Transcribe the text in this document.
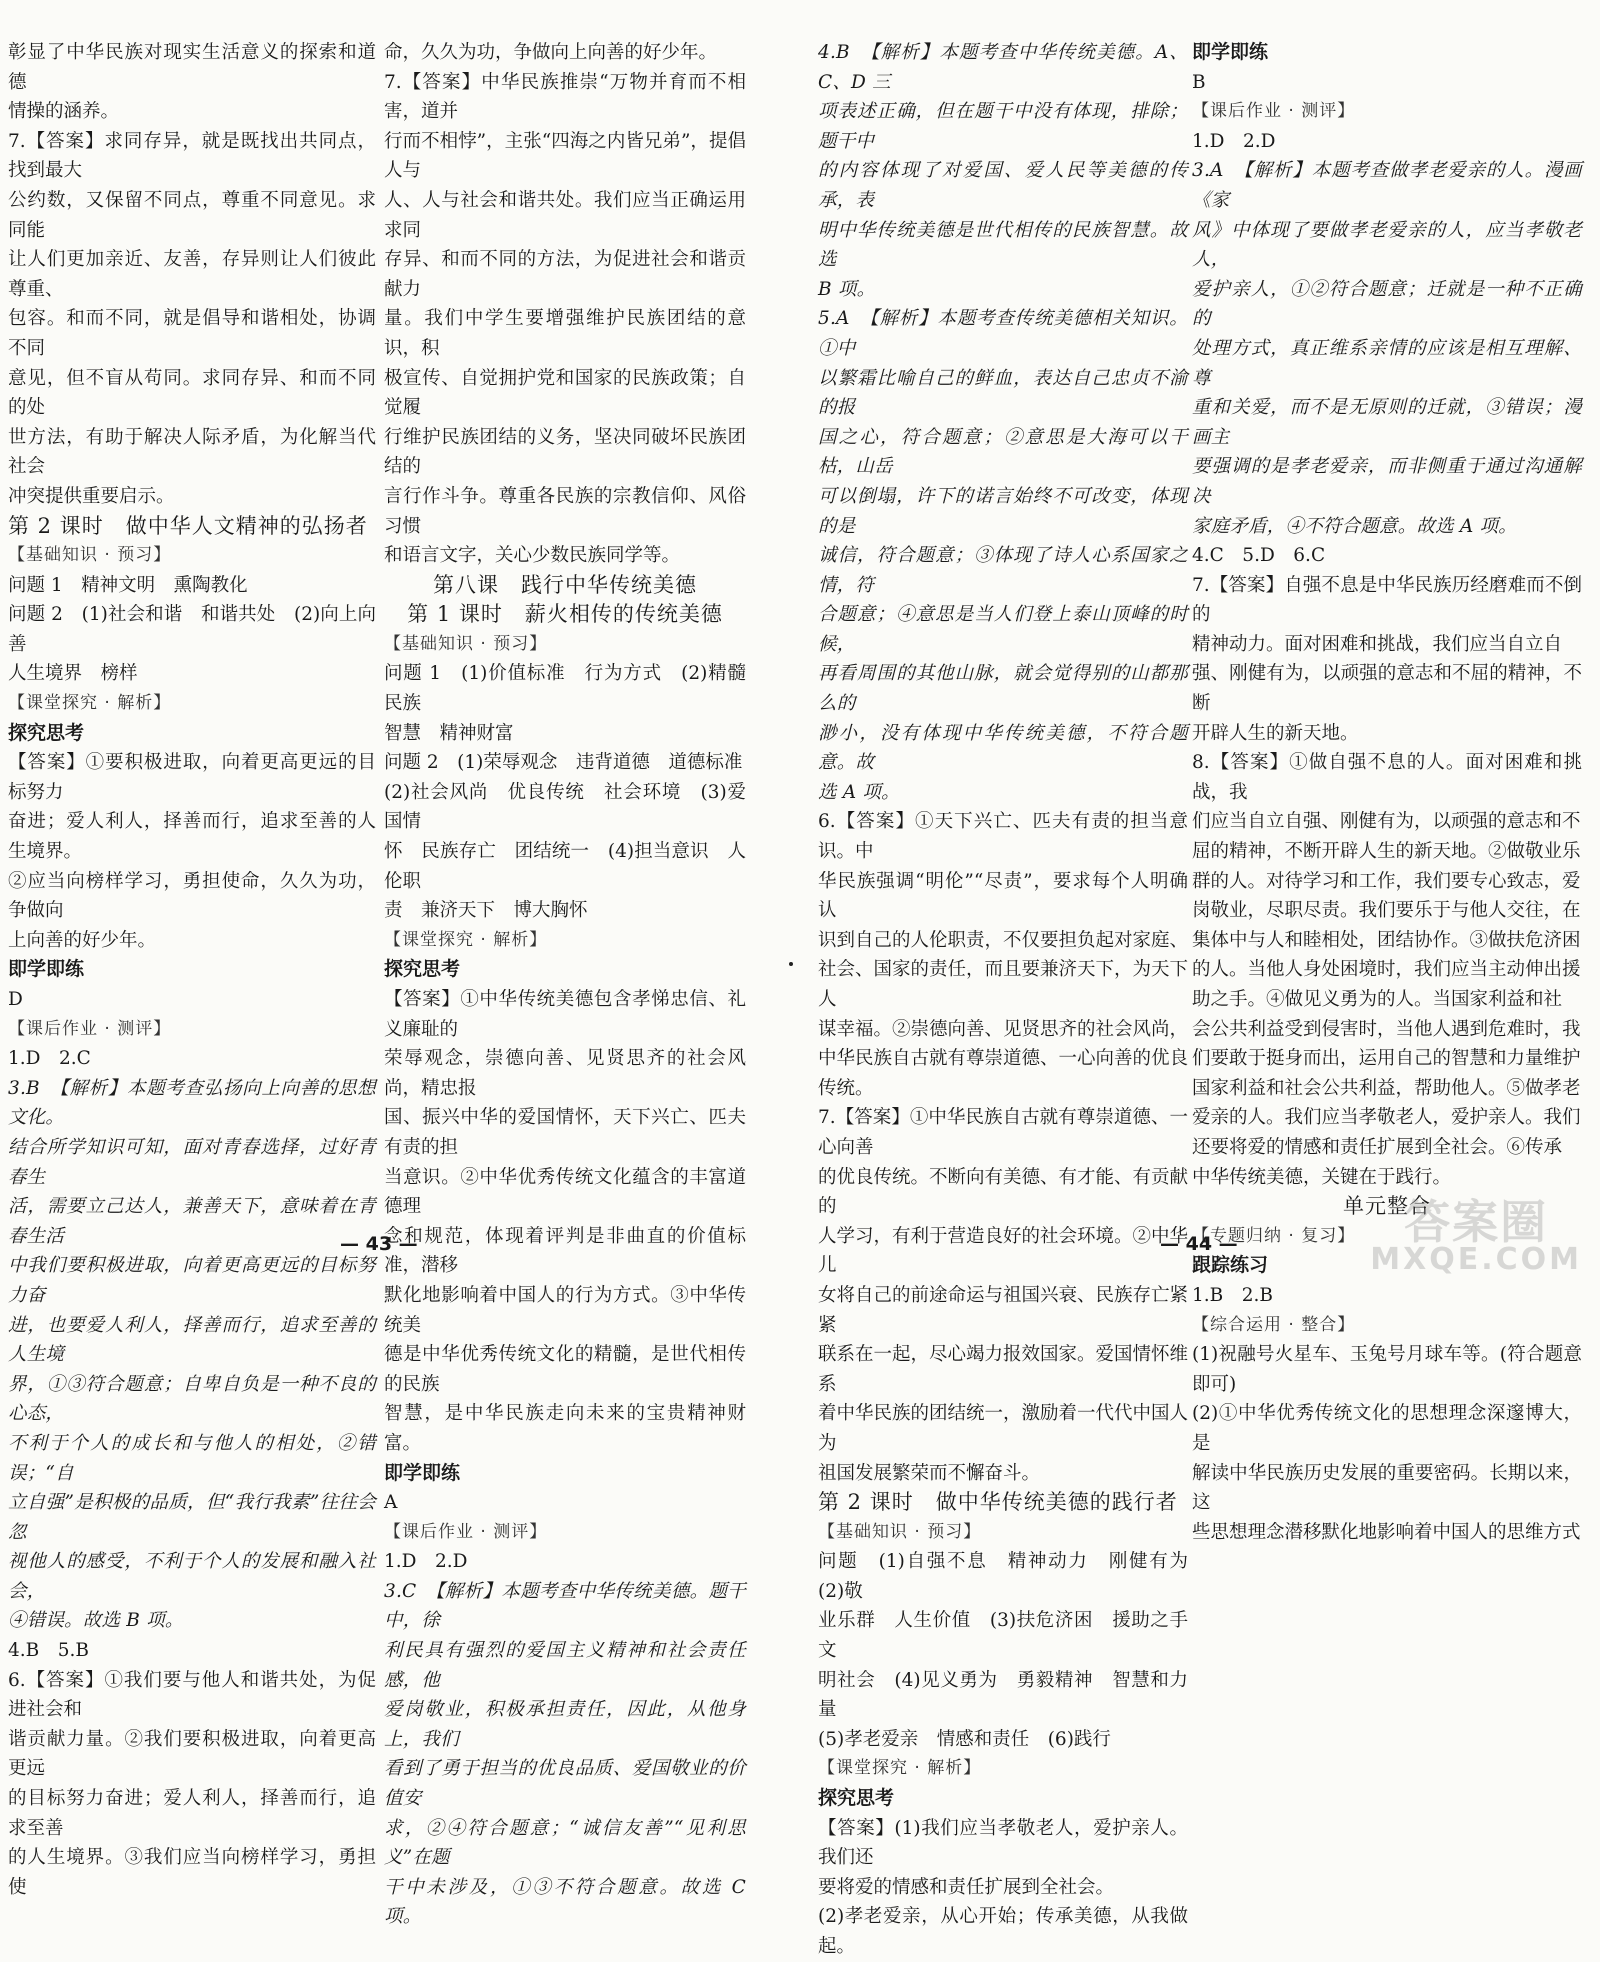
彰显了中华民族对现实生活意义的探索和道德
情操的涵养。

7.【答案】求同存异，就是既找出共同点，找到最大
公约数，又保留不同点，尊重不同意见。求同能
让人们更加亲近、友善，存异则让人们彼此尊重、
包容。和而不同，就是倡导和谐相处，协调不同
意见，但不盲从苟同。求同存异、和而不同的处
世方法，有助于解决人际矛盾，为化解当代社会
冲突提供重要启示。

第 2 课时　做中华人文精神的弘扬者

【 基础知识 · 预习 】

问题 1　精神文明　熏陶教化

问题 2　(1)社会和谐　和谐共处　(2)向上向善
人生境界　榜样

【 课堂探究 · 解析 】

探究思考

【答案】①要积极进取，向着更高更远的目标努力
奋进；爱人利人，择善而行，追求至善的人生境界。
②应当向榜样学习，勇担使命，久久为功，争做向
上向善的好少年。

即学即练

D

【 课后作业 · 测评 】

1.D　2.C

3.B　【解析】本题考查弘扬向上向善的思想文化。
结合所学知识可知，面对青春选择，过好青春生
活，需要立己达人，兼善天下，意味着在青春生活
中我们要积极进取，向着更高更远的目标努力奋
进，也要爱人利人，择善而行，追求至善的人生境
界，①③符合题意；自卑自负是一种不良的心态，
不利于个人的成长和与他人的相处，②错误；“自
立自强”是积极的品质，但“我行我素”往往会忽
视他人的感受，不利于个人的发展和融入社会，
④错误。故选 B 项。

4.B　5.B

6.【答案】①我们要与他人和谐共处，为促进社会和
谐贡献力量。②我们要积极进取，向着更高更远
的目标努力奋进；爱人利人，择善而行，追求至善
的人生境界。③我们应当向榜样学习，勇担使

命，久久为功，争做向上向善的好少年。

7.【答案】中华民族推崇“万物并育而不相害，道并
行而不相悖”，主张“四海之内皆兄弟”，提倡人与
人、人与社会和谐共处。我们应当正确运用求同
存异、和而不同的方法，为促进社会和谐贡献力
量。我们中学生要增强维护民族团结的意识，积
极宣传、自觉拥护党和国家的民族政策；自觉履
行维护民族团结的义务，坚决同破坏民族团结的
言行作斗争。尊重各民族的宗教信仰、风俗习惯
和语言文字，关心少数民族同学等。

第八课　践行中华传统美德

第 1 课时　薪火相传的传统美德

【 基础知识 · 预习 】

问题 1　(1)价值标准　行为方式　(2)精髓　民族
智慧　精神财富

问题 2　(1)荣辱观念　违背道德　道德标准
(2)社会风尚　优良传统　社会环境　(3)爱国情
怀　民族存亡　团结统一　(4)担当意识　人伦职
责　兼济天下　博大胸怀

【 课堂探究 · 解析 】

探究思考

【答案】①中华传统美德包含孝悌忠信、礼义廉耻的
荣辱观念，崇德向善、见贤思齐的社会风尚，精忠报
国、振兴中华的爱国情怀，天下兴亡、匹夫有责的担
当意识。②中华优秀传统文化蕴含的丰富道德理
念和规范，体现着评判是非曲直的价值标准，潜移
默化地影响着中国人的行为方式。③中华传统美
德是中华优秀传统文化的精髓，是世代相传的民族
智慧，是中华民族走向未来的宝贵精神财富。

即学即练

A

【 课后作业 · 测评 】

1.D　2.D

3.C　【解析】本题考查中华传统美德。题干中，徐
利民具有强烈的爱国主义精神和社会责任感，他
爱岗敬业，积极承担责任，因此，从他身上，我们
看到了勇于担当的优良品质、爱国敬业的价值安
求，②④符合题意；“诚信友善”“见利思义”在题
干中未涉及，①③不符合题意。故选 C 项。

— 43 —

4.B　【解析】本题考查中华传统美德。A、C、D 三
项表述正确，但在题干中没有体现，排除；题干中
的内容体现了对爱国、爱人民等美德的传承，表
明中华传统美德是世代相传的民族智慧。故选
B 项。

5.A　【解析】本题考查传统美德相关知识。①中
以繁霜比喻自己的鲜血，表达自己忠贞不渝的报
国之心，符合题意；②意思是大海可以干枯，山岳
可以倒塌，许下的诺言始终不可改变，体现的是
诚信，符合题意；③体现了诗人心系国家之情，符
合题意；④意思是当人们登上泰山顶峰的时候，
再看周围的其他山脉，就会觉得别的山都那么的
渺小，没有体现中华传统美德，不符合题意。故
选 A 项。

6.【答案】①天下兴亡、匹夫有责的担当意识。中
华民族强调“明伦”“尽责”，要求每个人明确认
识到自己的人伦职责，不仅要担负起对家庭、
社会、国家的责任，而且要兼济天下，为天下人
谋幸福。②崇德向善、见贤思齐的社会风尚，
中华民族自古就有尊崇道德、一心向善的优良
传统。

7.【答案】①中华民族自古就有尊崇道德、一心向善
的优良传统。不断向有美德、有才能、有贡献的
人学习，有利于营造良好的社会环境。②中华儿
女将自己的前途命运与祖国兴衰、民族存亡紧紧
联系在一起，尽心竭力报效国家。爱国情怀维系
着中华民族的团结统一，激励着一代代中国人为
祖国发展繁荣而不懈奋斗。

第 2 课时　做中华传统美德的践行者

【 基础知识 · 预习 】

问题　(1)自强不息　精神动力　刚健有为　(2)敬
业乐群　人生价值　(3)扶危济困　援助之手　文
明社会　(4)见义勇为　勇毅精神　智慧和力量
(5)孝老爱亲　情感和责任　(6)践行

【 课堂探究 · 解析 】

探究思考

【答案】(1)我们应当孝敬老人，爱护亲人。我们还
要将爱的情感和责任扩展到全社会。
(2)孝老爱亲，从心开始；传承美德，从我做起。

即学即练

B

【 课后作业 · 测评 】

1.D　2.D

3.A　【解析】本题考查做孝老爱亲的人。漫画《家
风》中体现了要做孝老爱亲的人，应当孝敬老人，
爱护亲人，①②符合题意；迁就是一种不正确的
处理方式，真正维系亲情的应该是相互理解、尊
重和关爱，而不是无原则的迁就，③错误；漫画主
要强调的是孝老爱亲，而非侧重于通过沟通解决
家庭矛盾，④不符合题意。故选 A 项。

4.C　5.D　6.C

7.【答案】自强不息是中华民族历经磨难而不倒的
精神动力。面对困难和挑战，我们应当自立自
强、刚健有为，以顽强的意志和不屈的精神，不断
开辟人生的新天地。

8.【答案】①做自强不息的人。面对困难和挑战，我
们应当自立自强、刚健有为，以顽强的意志和不
屈的精神，不断开辟人生的新天地。②做敬业乐
群的人。对待学习和工作，我们要专心致志，爱
岗敬业，尽职尽责。我们要乐于与他人交往，在
集体中与人和睦相处，团结协作。③做扶危济困
的人。当他人身处困境时，我们应当主动伸出援
助之手。④做见义勇为的人。当国家利益和社
会公共利益受到侵害时，当他人遇到危难时，我
们要敢于挺身而出，运用自己的智慧和力量维护
国家利益和社会公共利益，帮助他人。⑤做孝老
爱亲的人。我们应当孝敬老人，爱护亲人。我们
还要将爱的情感和责任扩展到全社会。⑥传承
中华传统美德，关键在于践行。

单元整合

【 专题归纳 · 复习 】

跟踪练习

1.B　2.B

【 综合运用 · 整合 】

(1)祝融号火星车、玉兔号月球车等。(符合题意即可)

(2)①中华优秀传统文化的思想理念深邃博大，是
解读中华民族历史发展的重要密码。长期以来，这
些思想理念潜移默化地影响着中国人的思维方式

— 44 —	答案圈
MXQE.COM
